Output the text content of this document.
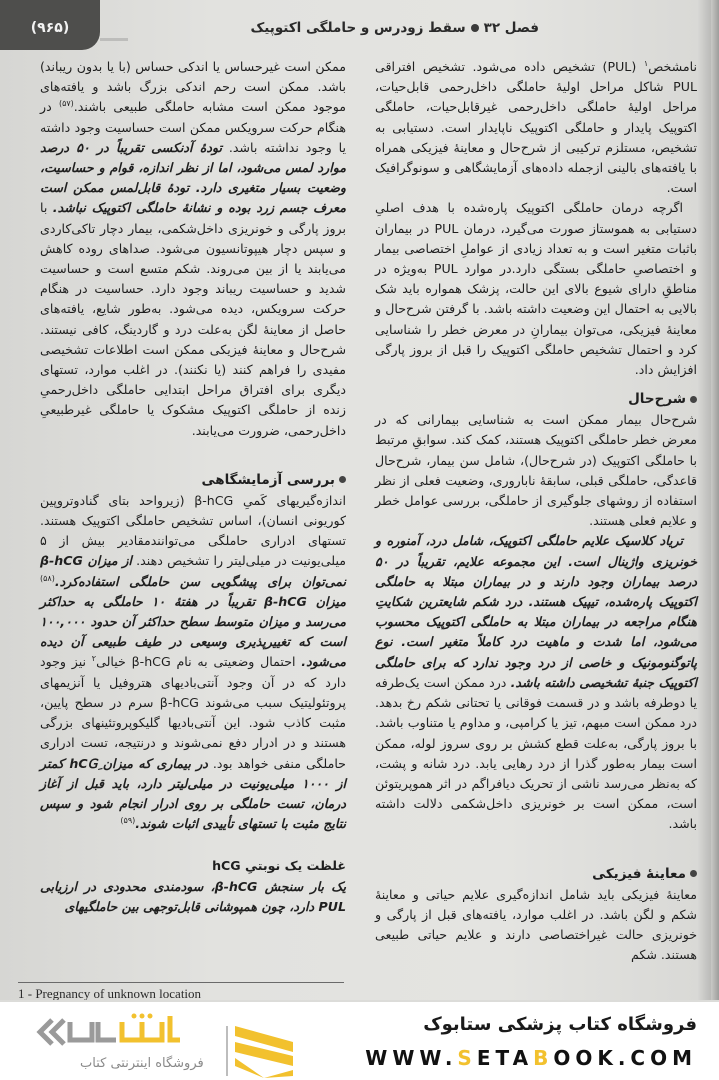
(۹۶۵)	فصل ۳۲
سقط زودرس و حاملگی اکتوپیک

نامشخص$^۱$ (PUL) تشخیص داده می‌شود. تشخیص افتراقی PUL شاکل مراحل اولیهٔ حاملگی داخل‌رحمی قابل‌حیات، مراحل اولیهٔ حاملگی داخل‌رحمی غیرقابل‌حیات، حاملگی اکتوپیک پایدار و حاملگی اکتوپیک ناپایدار است. دستیابی به تشخیص، مستلزم ترکیبی از شرح‌حال و معاینهٔ فیزیکی همراه با یافته‌های بالینی ازجمله داده‌های آزمایشگاهی و سونوگرافیک است.

اگرچه درمان حاملگی اکتوپیک پاره‌شده با هدف اصلیِ دستیابی به هموستاز صورت می‌گیرد، درمان PUL در بیماران باثبات متغیر است و به تعداد زیادی از عواملِ اختصاصی بیمار و اختصاصیِ حاملگی بستگی دارد.در موارد PUL به‌ویژه در مناطقِ دارای شیوع بالای این حالت، پزشک همواره باید شک بالایی به احتمال این وضعیت داشته باشد. با گرفتن شرح‌حال و معاینهٔ فیزیکی، می‌توان بیمارانِ در معرض خطر را شناسایی کرد و احتمال تشخیص حاملگی اکتوپیک را قبل از بروز پارگی افزایش داد.

شرح‌حال

شرح‌حال بیمار ممکن است به شناسایی بیمارانی که در معرض خطر حاملگی اکتوپیک هستند، کمک کند. سوابقِ مرتبط با حاملگی اکتوپیک (در شرح‌حال)، شامل سن بیمار، شرح‌حال قاعدگی، حاملگی قبلی، سابقهٔ ناباروری، وضعیت فعلی از نظر استفاده از روشهای جلوگیری از حاملگی، بررسی عوامل خطر و علایم فعلی هستند.

تریاد کلاسیک علایم حاملگی اکتوپیک، شامل درد، آمنوره و خونریزی واژینال است. این مجموعه علایم، تقریباً در ۵۰ درصد بیماران وجود دارند و در بیماران مبتلا به حاملگی اکتوپیک پاره‌شده، تیپیک هستند. درد شکم شایعترین شکایتِ هنگام مراجعه در بیماران مبتلا به حاملگی اکتوپیک محسوب می‌شود، اما شدت و ماهیت درد کاملاً متغیر است. نوع پاتوگنومونیک و خاصی از درد وجود ندارد که برای حاملگی اکتوپیک جنبهٔ تشخیصی داشته باشد. درد ممکن است یک‌طرفه یا دوطرفه باشد و در قسمت فوقانی یا تحتانی شکم رخ بدهد. درد ممکن است مبهم، تیز یا کرامپی، و مداوم یا متناوب باشد. با بروز پارگی، به‌علت قطع کشش بر روی سروز لوله، ممکن است بیمار به‌طور گذرا از درد رهایی یابد. درد شانه و پشت، که به‌نظر می‌رسد ناشی از تحریک دیافراگم در اثر هموپریتوئن است، ممکن است بر خونریزی داخل‌شکمی دلالت داشته باشد.

معاینهٔ فیزیکی

معاینهٔ فیزیکی باید شامل اندازه‌گیری علایم حیاتی و معاینهٔ شکم و لگن باشد. در اغلب موارد، یافته‌های قبل از پارگی و خونریزی حالت غیراختصاصی دارند و علایم حیاتی طبیعی هستند. شکم

ممکن است غیرحساس یا اندکی حساس (با یا بدون ریباند) باشد. ممکن است رحم اندکی بزرگ باشد و یافته‌های موجود ممکن است مشابه حاملگی طبیعی باشند.$^{(۵۷)}$ در هنگام حرکت سرویکس ممکن است حساسیت وجود داشته یا وجود نداشته باشد. تودهٔ آدنکسی تقریباً در ۵۰ درصد موارد لمس می‌شود، اما از نظر اندازه، قوام و حساسیت، وضعیت بسیار متغیری دارد. تودهٔ قابل‌لمس ممکن است معرف جسم زرد بوده و نشانهٔ حاملگی اکتوپیک نباشد. با بروز پارگی و خونریزی داخل‌شکمی، بیمار دچار تاکی‌کاردی و سپس دچار هیپوتانسیون می‌شود. صداهای روده کاهش می‌یابند یا از بین می‌روند. شکم متسع است و حساسیت شدید و حساسیت ریباند وجود دارد. حساسیت در هنگام حرکت سرویکس، دیده می‌شود. به‌طور شایع، یافته‌های حاصل از معاینهٔ لگن به‌علت درد و گاردینگ، کافی نیستند. شرح‌حال و معاینهٔ فیزیکی ممکن است اطلاعات تشخیصی مفیدی را فراهم کنند (یا نکنند). در اغلب موارد، تستهای دیگری برای افتراق مراحل ابتدایی حاملگی داخل‌رحمیِ زنده از حاملگی اکتوپیک مشکوک یا حاملگی غیرطبیعیِ داخل‌رحمی، ضرورت می‌یابند.

بررسی آزمایشگاهی

اندازه‌گیریهای کَمیِ β-hCG (زیرواحد بتای گنادوتروپین کوریونی انسان)، اساس تشخیص حاملگی اکتوپیک هستند. تستهای ادراری حاملگی می‌توانندمقادیر بیش از ۵ میلی‌یونیت در میلی‌لیتر را تشخیص دهند. از میزان β-hCG نمی‌توان برای پیشگویی سن حاملگی استفاده‌کرد.$^{(۵۸)}$ میزان β-hCG تقریباً در هفتهٔ ۱۰ حاملگی به حداکثر می‌رسد و میزان متوسط سطح حداکثر آن حدود ۱۰۰,۰۰۰ است که تغییرپذیری وسیعی در طیف طبیعی آن دیده می‌شود. احتمال وضعیتی به نام β-hCG خیالی$^۲$ نیز وجود دارد که در آن وجود آنتی‌بادیهای هتروفیل یا آنزیمهای پروتئولیتیک سبب می‌شوند β-hCG سرم در سطح پایین، مثبت کاذب شود. این آنتی‌بادیها گلیکوپروتئینهای بزرگی هستند و در ادرار دفع نمی‌شوند و درنتیجه، تست ادراری حاملگی منفی خواهد بود. در بیماری که میزان hCGِ کمتر از ۱۰۰۰ میلی‌یونیت در میلی‌لیتر دارد، باید قبل از آغاز درمان، تست حاملگی بر روی ادرار انجام شود و سپس نتایج مثبت با تستهای تأییدی اثبات شوند.$^{(۵۹)}$

غلظت یک نوبتیِ hCG

یک بار سنجش β-hCG، سودمندی محدودی در ارزیابی PUL دارد، چون همپوشانی قابل‌توجهی بین حاملگیهای

1 - Pregnancy of unknown location
فروشگاه اینترنتی کتاب
فروشگاه کتاب پزشکی ستابوک
WWW.SETABOOK.COM
